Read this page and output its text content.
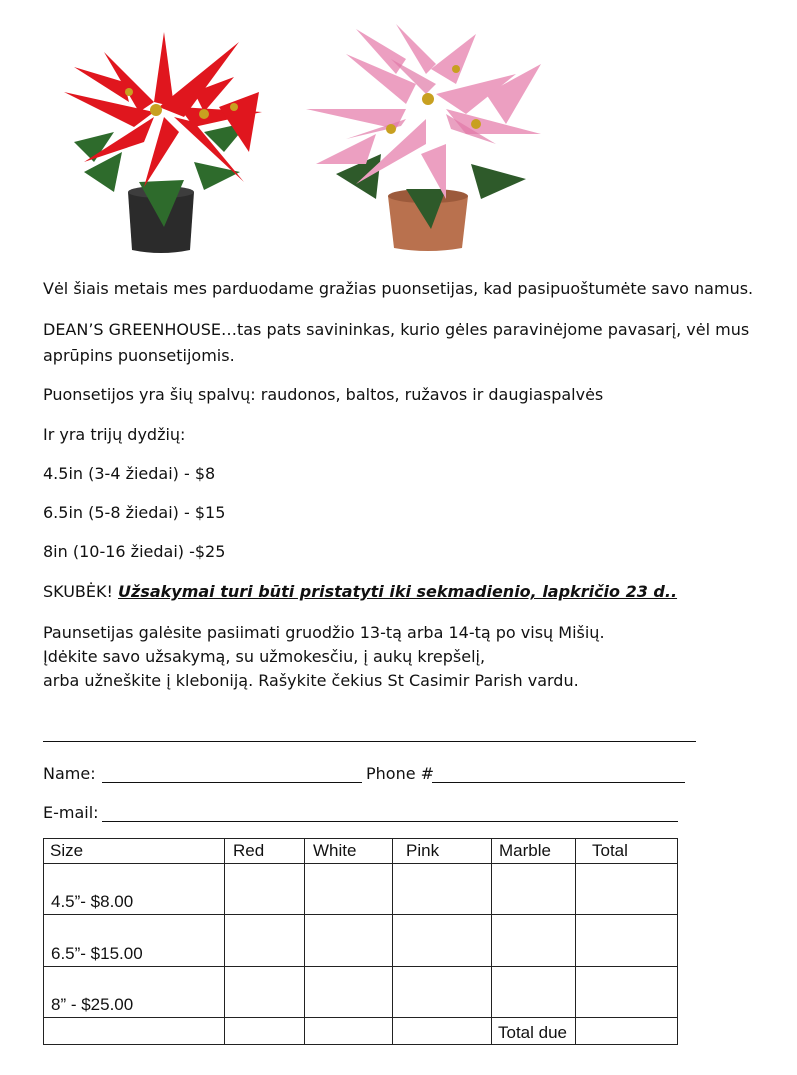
Vėl šiais metais mes parduodame gražias puonsetijas, kad pasipuoštumėte savo namus.

DEAN’S GREENHOUSE…tas pats savininkas, kurio gėles paravinėjome pavasarį, vėl mus

aprūpins puonsetijomis.

Puonsetijos yra šių spalvų: raudonos, baltos, ružavos ir daugiaspalvės

Ir yra trijų dydžių:

4.5in (3-4 žiedai) - $8

6.5in (5-8 žiedai) - $15

8in (10-16 žiedai) -$25

SKUBĖK! Užsakymai turi būti pristatyti iki sekmadienio, lapkričio 23 d..

Paunsetijas galėsite pasiimati gruodžio 13-tą arba 14-tą po visų Mišių.

Įdėkite savo užsakymą, su užmokesčiu, į aukų krepšelį,

arba užneškite į kleboniją. Rašykite čekius St Casimir Parish vardu.

Name:	Phone #

E-mail:

Size	Red	White	Pink	Marble	Total
4.5”- $8.00					
6.5”- $15.00					
8” - $25.00					
				Total due	
